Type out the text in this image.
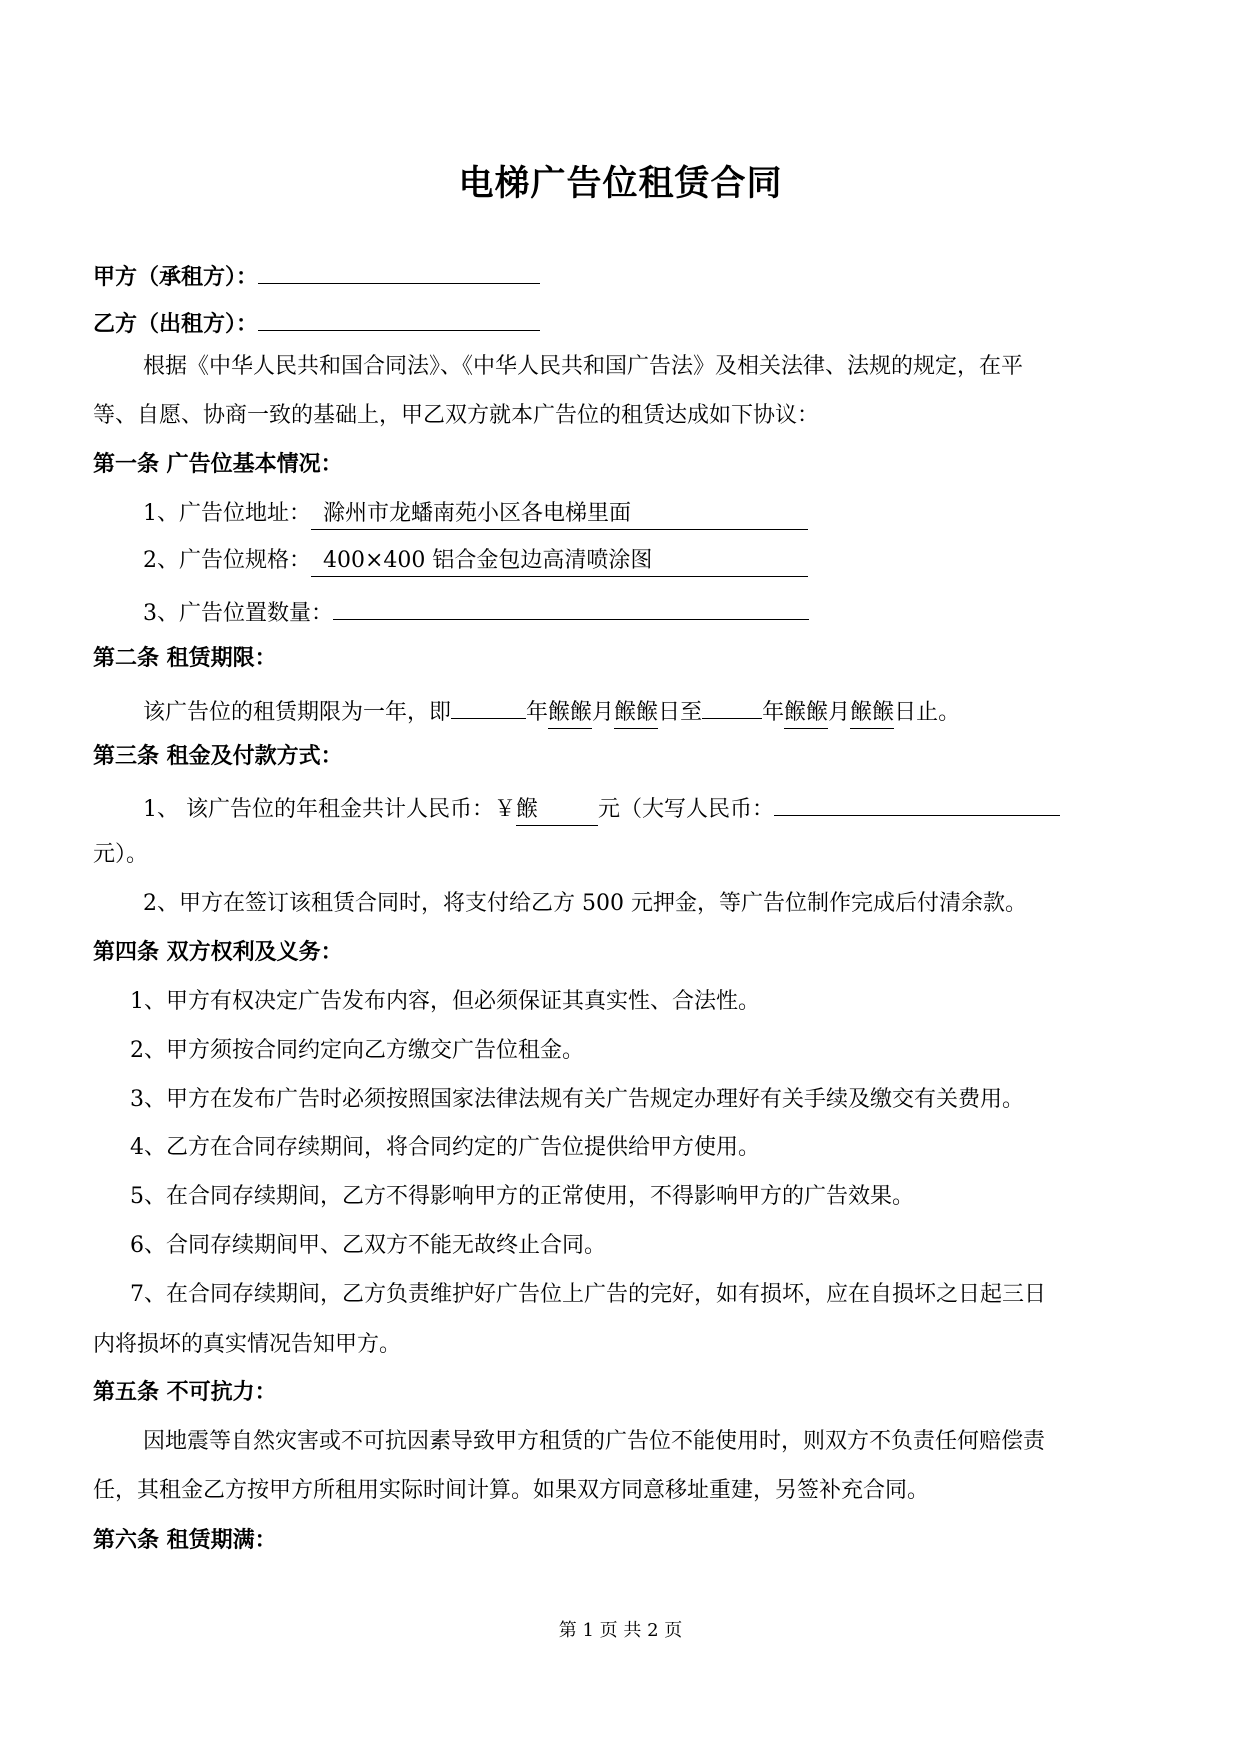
电梯广告位租赁合同
甲方（承租方）：
乙方（出租方）：
根据《中华人民共和国合同法》、《中华人民共和国广告法》及相关法律、法规的规定，在平
等、自愿、协商一致的基础上，甲乙双方就本广告位的租赁达成如下协议：
第一条 广告位基本情况：
1、广告位地址： 滁州市龙蟠南苑小区各电梯里面
2、广告位规格： 400×400 铝合金包边高清喷涂图
3、广告位置数量：
第二条 租赁期限：
该广告位的租赁期限为一年，即	年餱餱月餱餱日至	年餱餱月餱餱日止。
第三条 租金及付款方式：
1、 该广告位的年租金共计人民币：￥餱	元（大写人民币：
元）。
2、甲方在签订该租赁合同时，将支付给乙方 500 元押金，等广告位制作完成后付清余款。
第四条 双方权利及义务：
1、甲方有权决定广告发布内容，但必须保证其真实性、合法性。
2、甲方须按合同约定向乙方缴交广告位租金。
3、甲方在发布广告时必须按照国家法律法规有关广告规定办理好有关手续及缴交有关费用。
4、乙方在合同存续期间，将合同约定的广告位提供给甲方使用。
5、在合同存续期间，乙方不得影响甲方的正常使用，不得影响甲方的广告效果。
6、合同存续期间甲、乙双方不能无故终止合同。
7、在合同存续期间，乙方负责维护好广告位上广告的完好，如有损坏，应在自损坏之日起三日
内将损坏的真实情况告知甲方。
第五条 不可抗力：
因地震等自然灾害或不可抗因素导致甲方租赁的广告位不能使用时，则双方不负责任何赔偿责
任，其租金乙方按甲方所租用实际时间计算。如果双方同意移址重建，另签补充合同。
第六条 租赁期满：
第 1 页 共 2 页
